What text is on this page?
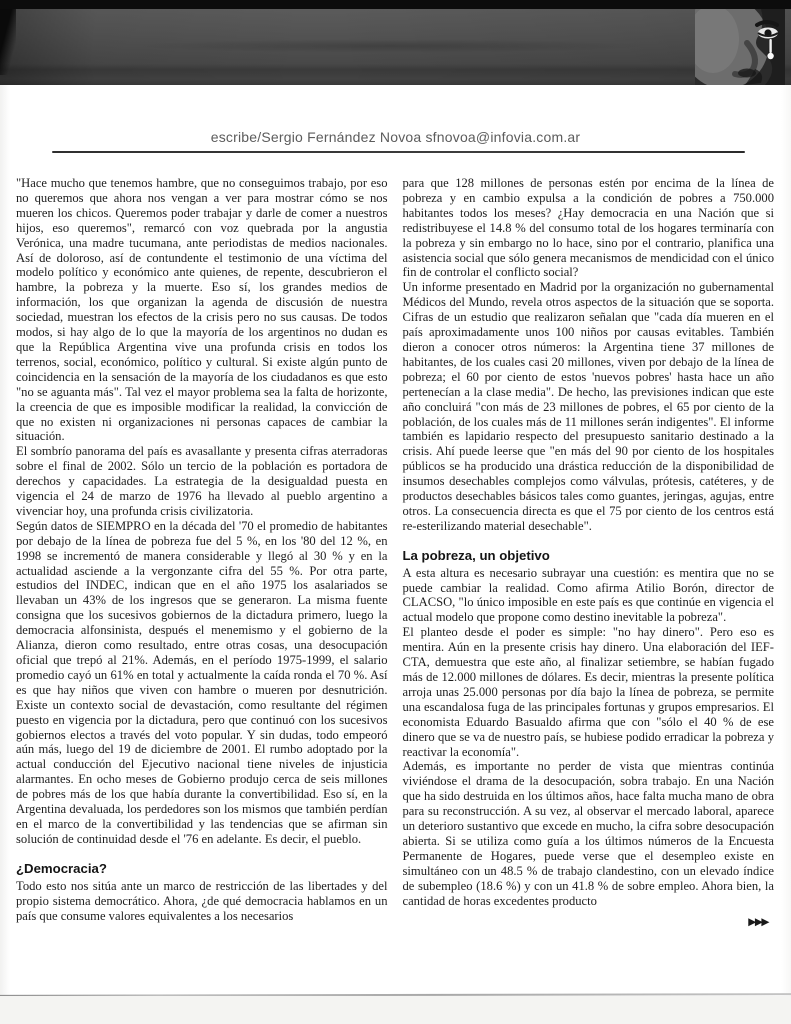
escribe/Sergio Fernández Novoa sfnovoa@infovia.com.ar

"Hace mucho que tenemos hambre, que no conseguimos trabajo, por eso no queremos que ahora nos vengan a ver para mostrar cómo se nos mueren los chicos. Queremos poder trabajar y darle de comer a nuestros hijos, eso queremos", remarcó con voz quebrada por la angustia Verónica, una madre tucumana, ante periodistas de medios nacionales. Así de doloroso, así de contundente el testimonio de una víctima del modelo político y económico ante quienes, de repente, descubrieron el hambre, la pobreza y la muerte. Eso sí, los grandes medios de información, los que organizan la agenda de discusión de nuestra sociedad, muestran los efectos de la crisis pero no sus causas. De todos modos, si hay algo de lo que la mayoría de los argentinos no dudan es que la República Argentina vive una profunda crisis en todos los terrenos, social, económico, político y cultural. Si existe algún punto de coincidencia en la sensación de la mayoría de los ciudadanos es que esto "no se aguanta más". Tal vez el mayor problema sea la falta de horizonte, la creencia de que es imposible modificar la realidad, la convicción de que no existen ni organizaciones ni personas capaces de cambiar la situación.

El sombrío panorama del país es avasallante y presenta cifras aterradoras sobre el final de 2002. Sólo un tercio de la población es portadora de derechos y capacidades. La estrategia de la desigualdad puesta en vigencia el 24 de marzo de 1976 ha llevado al pueblo argentino a vivenciar hoy, una profunda crisis civilizatoria.

Según datos de SIEMPRO en la década del '70 el promedio de habitantes por debajo de la línea de pobreza fue del 5 %, en los '80 del 12 %, en 1998 se incrementó de manera considerable y llegó al 30 % y en la actualidad asciende a la vergonzante cifra del 55 %. Por otra parte, estudios del INDEC, indican que en el año 1975 los asalariados se llevaban un 43% de los ingresos que se generaron. La misma fuente consigna que los sucesivos gobiernos de la dictadura primero, luego la democracia alfonsinista, después el menemismo y el gobierno de la Alianza, dieron como resultado, entre otras cosas, una desocupación oficial que trepó al 21%. Además, en el período 1975-1999, el salario promedio cayó un 61% en total y actualmente la caída ronda el 70 %. Así es que hay niños que viven con hambre o mueren por desnutrición. Existe un contexto social de devastación, como resultante del régimen puesto en vigencia por la dictadura, pero que continuó con los sucesivos gobiernos electos a través del voto popular. Y sin dudas, todo empeoró aún más, luego del 19 de diciembre de 2001. El rumbo adoptado por la actual conducción del Ejecutivo nacional tiene niveles de injusticia alarmantes. En ocho meses de Gobierno produjo cerca de seis millones de pobres más de los que había durante la convertibilidad. Eso sí, en la Argentina devaluada, los perdedores son los mismos que también perdían en el marco de la convertibilidad y las tendencias que se afirman sin solución de continuidad desde el '76 en adelante. Es decir, el pueblo.

¿Democracia?

Todo esto nos sitúa ante un marco de restricción de las libertades y del propio sistema democrático. Ahora, ¿de qué democracia hablamos en un país que consume valores equivalentes a los necesarios

para que 128 millones de personas estén por encima de la línea de pobreza y en cambio expulsa a la condición de pobres a 750.000 habitantes todos los meses? ¿Hay democracia en una Nación que si redistribuyese el 14.8 % del consumo total de los hogares terminaría con la pobreza y sin embargo no lo hace, sino por el contrario, planifica una asistencia social que sólo genera mecanismos de mendicidad con el único fin de controlar el conflicto social?

Un informe presentado en Madrid por la organización no gubernamental Médicos del Mundo, revela otros aspectos de la situación que se soporta. Cifras de un estudio que realizaron señalan que "cada día mueren en el país aproximadamente unos 100 niños por causas evitables. También dieron a conocer otros números: la Argentina tiene 37 millones de habitantes, de los cuales casi 20 millones, viven por debajo de la línea de pobreza; el 60 por ciento de estos 'nuevos pobres' hasta hace un año pertenecían a la clase media". De hecho, las previsiones indican que este año concluirá "con más de 23 millones de pobres, el 65 por ciento de la población, de los cuales más de 11 millones serán indigentes". El informe también es lapidario respecto del presupuesto sanitario destinado a la crisis. Ahí puede leerse que "en más del 90 por ciento de los hospitales públicos se ha producido una drástica reducción de la disponibilidad de insumos desechables complejos como válvulas, prótesis, catéteres, y de productos desechables básicos tales como guantes, jeringas, agujas, entre otros. La consecuencia directa es que el 75 por ciento de los centros está re-esterilizando material desechable".

La pobreza, un objetivo

A esta altura es necesario subrayar una cuestión: es mentira que no se puede cambiar la realidad. Como afirma Atilio Borón, director de CLACSO, "lo único imposible en este país es que continúe en vigencia el actual modelo que propone como destino inevitable la pobreza".

El planteo desde el poder es simple: "no hay dinero". Pero eso es mentira. Aún en la presente crisis hay dinero. Una elaboración del IEF-CTA, demuestra que este año, al finalizar setiembre, se habían fugado más de 12.000 millones de dólares. Es decir, mientras la presente política arroja unas 25.000 personas por día bajo la línea de pobreza, se permite una escandalosa fuga de las principales fortunas y grupos empresarios. El economista Eduardo Basualdo afirma que con "sólo el 40 % de ese dinero que se va de nuestro país, se hubiese podido erradicar la pobreza y reactivar la economía".

Además, es importante no perder de vista que mientras continúa viviéndose el drama de la desocupación, sobra trabajo. En una Nación que ha sido destruida en los últimos años, hace falta mucha mano de obra para su reconstrucción. A su vez, al observar el mercado laboral, aparece un deterioro sustantivo que excede en mucho, la cifra sobre desocupación abierta. Si se utiliza como guía a los últimos números de la Encuesta Permanente de Hogares, puede verse que el desempleo existe en simultáneo con un 48.5 % de trabajo clandestino, con un elevado índice de subempleo (18.6 %) y con un 41.8 % de sobre empleo. Ahora bien, la cantidad de horas excedentes producto

▶▶▶
